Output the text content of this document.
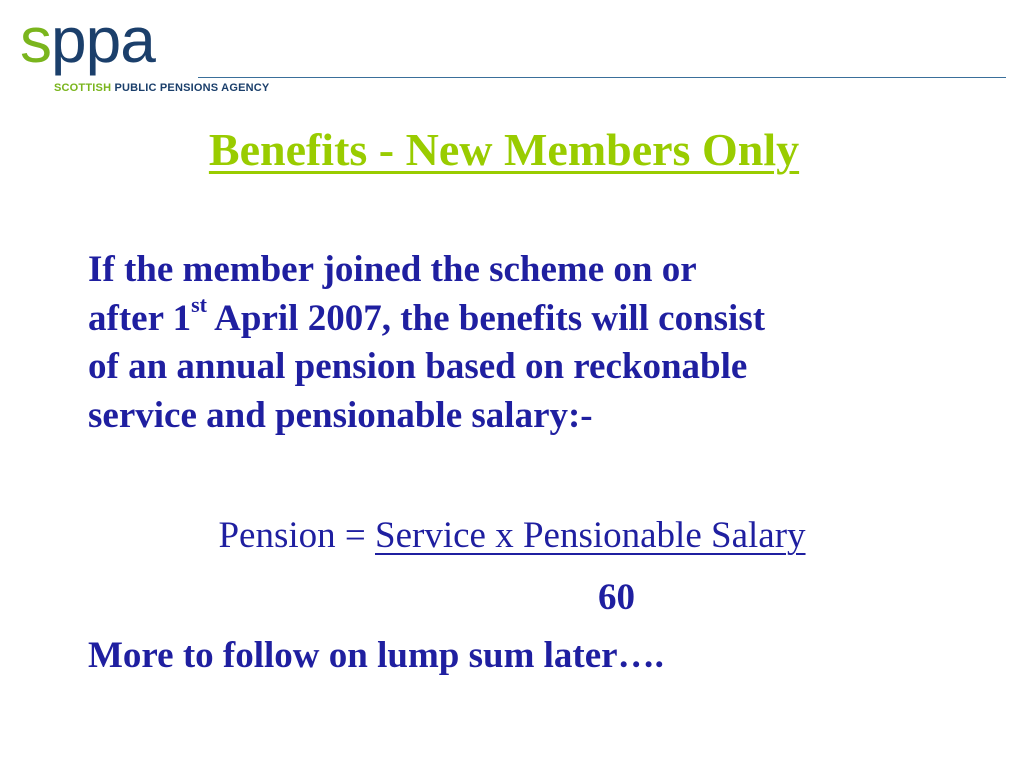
sppa
SCOTTISH PUBLIC PENSIONS AGENCY
Benefits - New Members Only
If the member joined the scheme on or
after 1st April 2007, the benefits will consist
of an annual pension based on reckonable
service and pensionable salary:-
Pension = Service x Pensionable Salary
60
More to follow on lump sum later….
